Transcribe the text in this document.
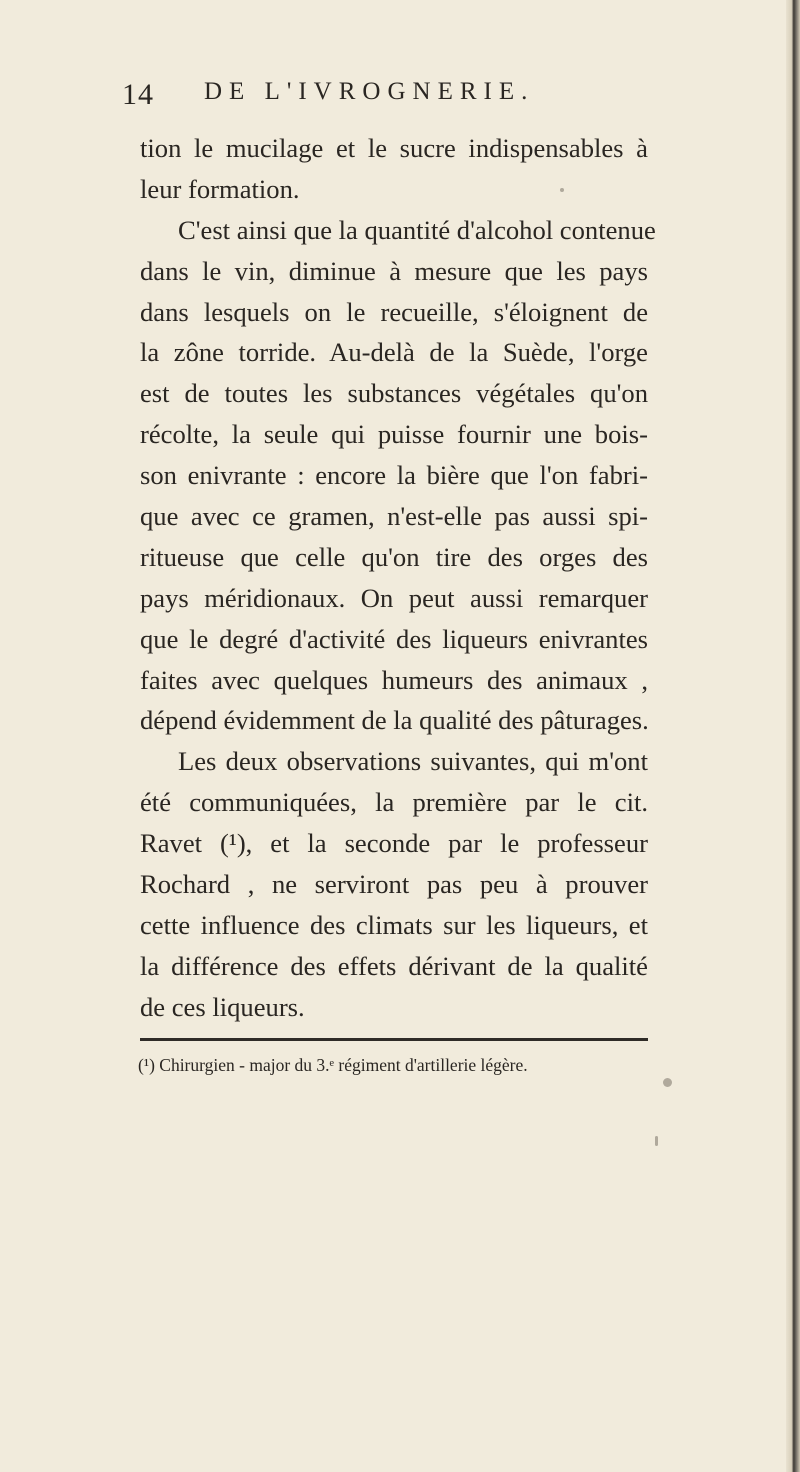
14 DE L'IVROGNERIE.
tion le mucilage et le sucre indispensables à
leur formation.
C'est ainsi que la quantité d'alcohol contenue
dans le vin, diminue à mesure que les pays
dans lesquels on le recueille, s'éloignent de
la zône torride. Au-delà de la Suède, l'orge
est de toutes les substances végétales qu'on
récolte, la seule qui puisse fournir une bois-
son enivrante : encore la bière que l'on fabri-
que avec ce gramen, n'est-elle pas aussi spi-
ritueuse que celle qu'on tire des orges des
pays méridionaux. On peut aussi remarquer
que le degré d'activité des liqueurs enivrantes
faites avec quelques humeurs des animaux ,
dépend évidemment de la qualité des pâturages.
Les deux observations suivantes, qui m'ont
été communiquées, la première par le cit.
Ravet (¹), et la seconde par le professeur
Rochard , ne serviront pas peu à prouver
cette influence des climats sur les liqueurs, et
la différence des effets dérivant de la qualité
de ces liqueurs.
(¹) Chirurgien - major du 3.ᵉ régiment d'artillerie légère.
